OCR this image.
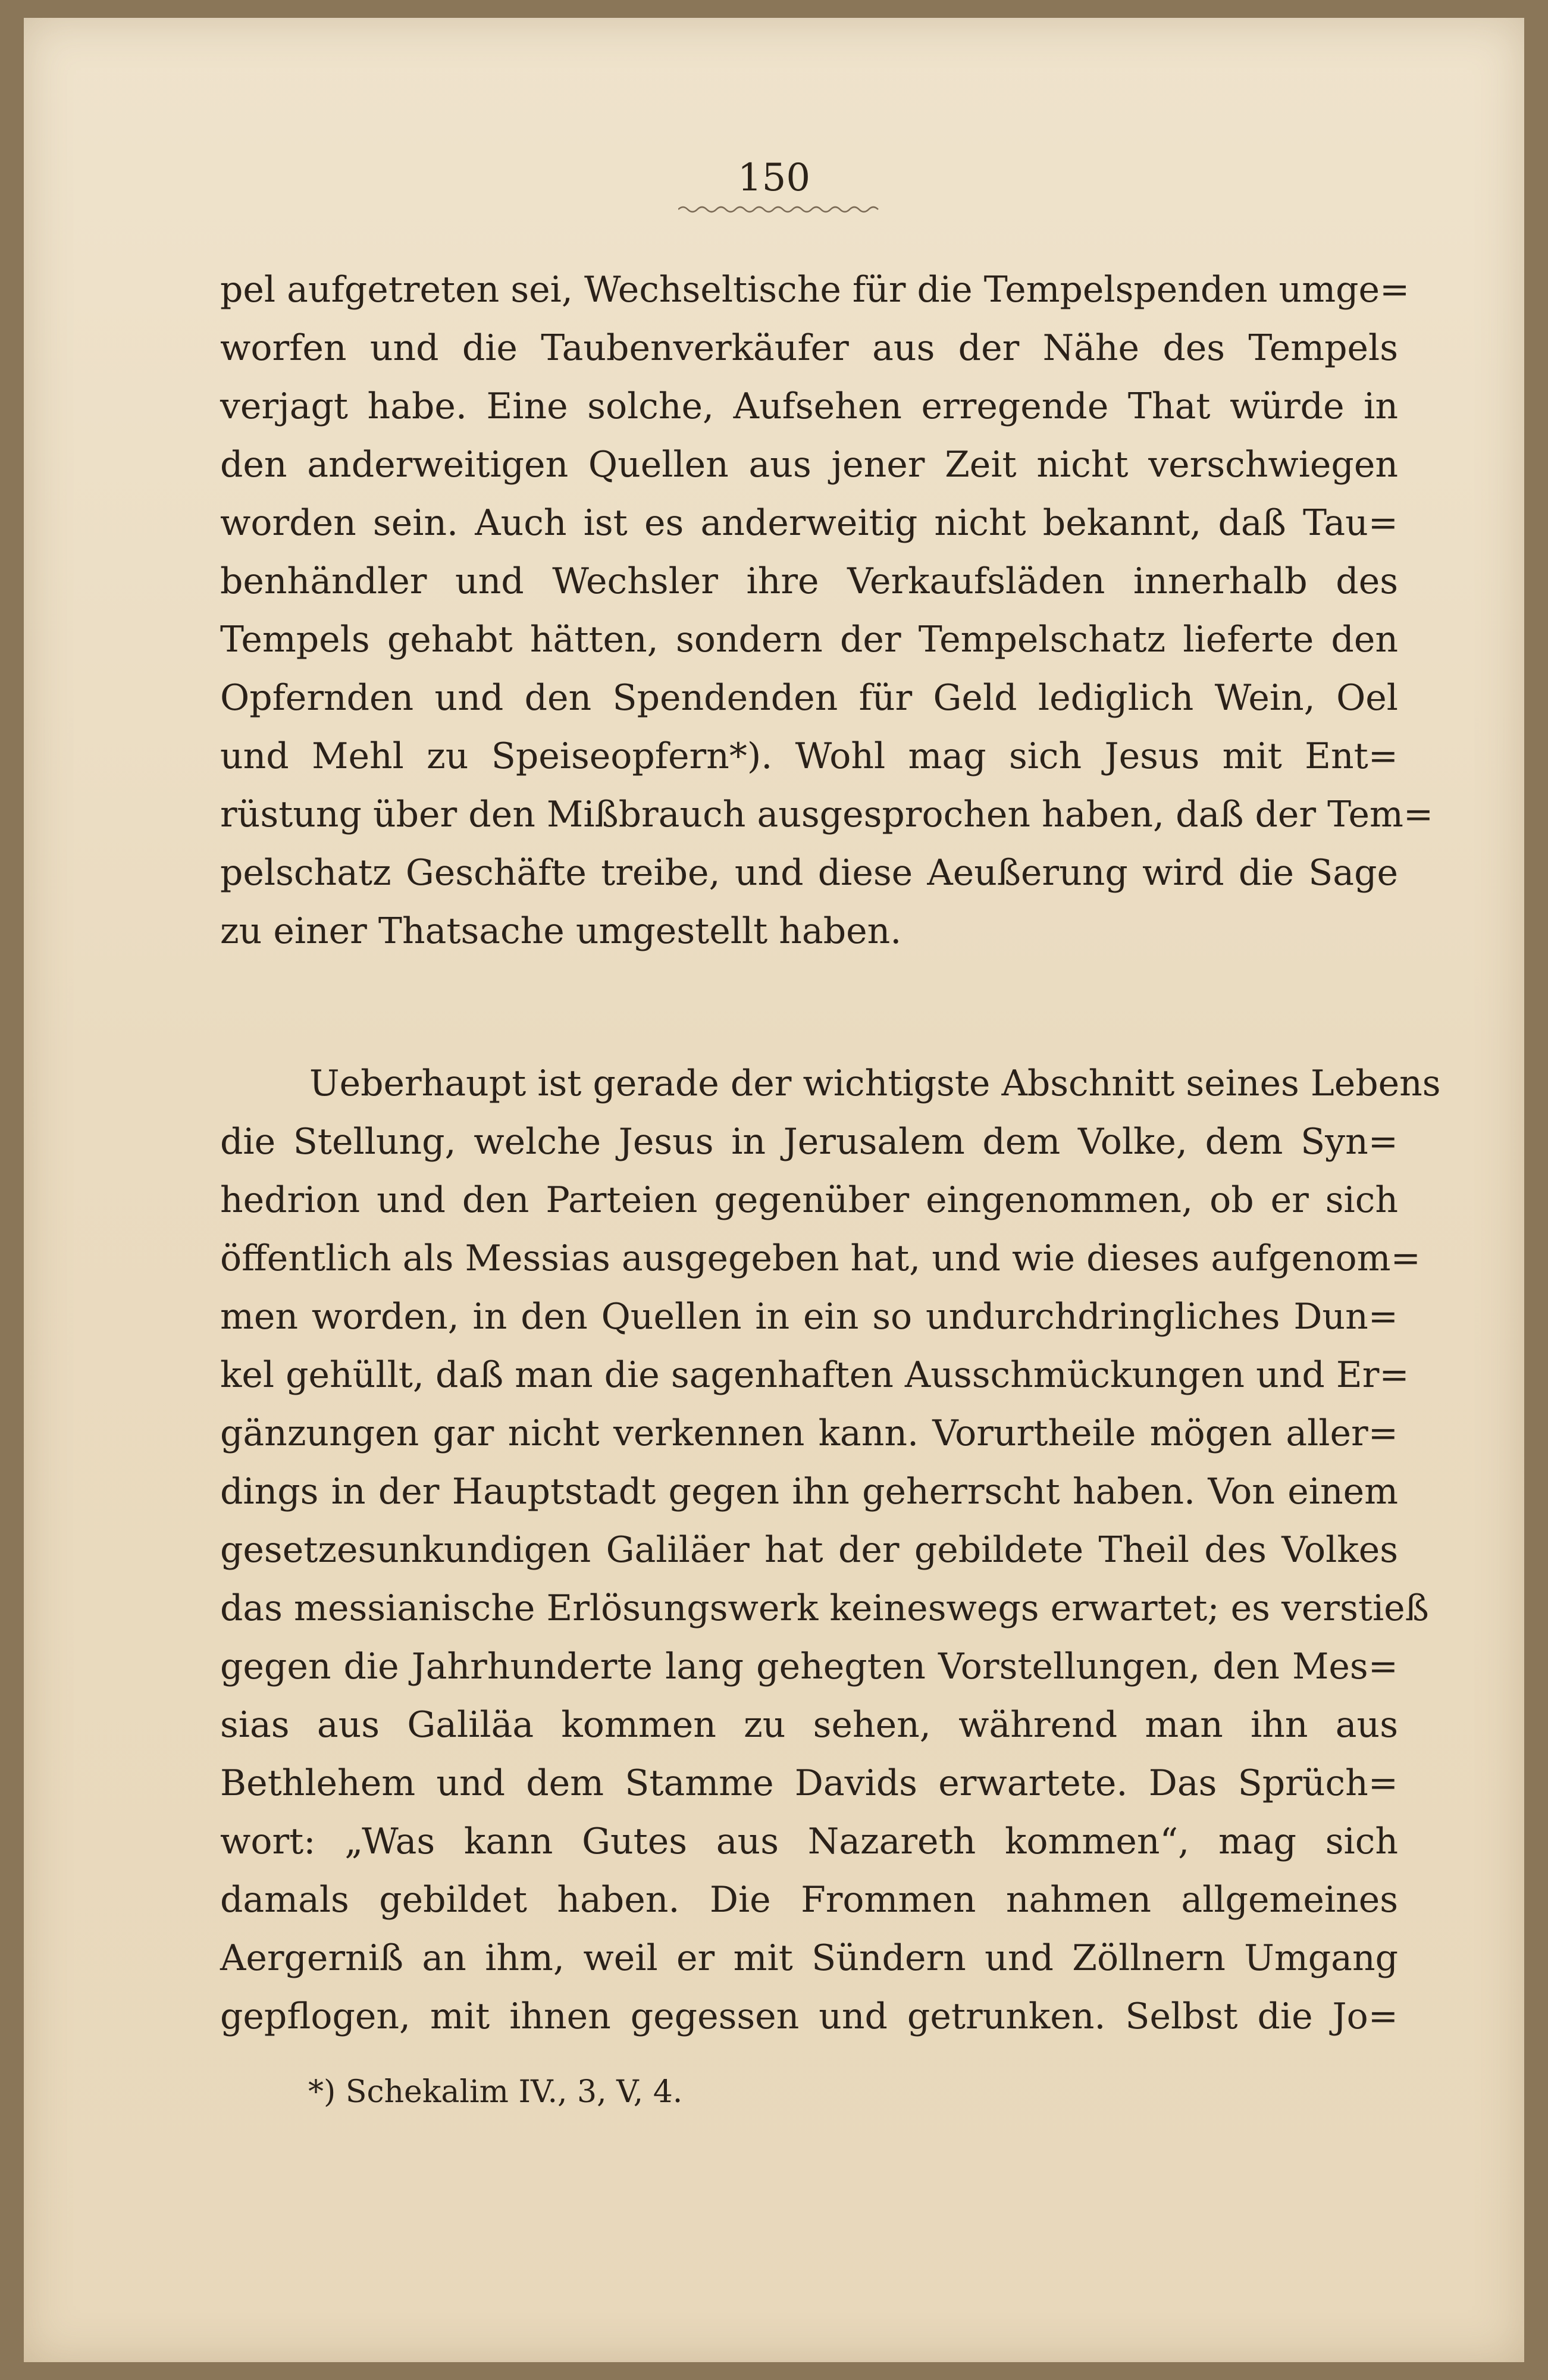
150
pel aufgetreten sei, Wechseltische für die Tempelspenden umge=
worfen und die Taubenverkäufer aus der Nähe des Tempels
verjagt habe. Eine solche, Aufsehen erregende That würde in
den anderweitigen Quellen aus jener Zeit nicht verschwiegen
worden sein. Auch ist es anderweitig nicht bekannt, daß Tau=
benhändler und Wechsler ihre Verkaufsläden innerhalb des
Tempels gehabt hätten, sondern der Tempelschatz lieferte den
Opfernden und den Spendenden für Geld lediglich Wein, Oel
und Mehl zu Speiseopfern*). Wohl mag sich Jesus mit Ent=
rüstung über den Mißbrauch ausgesprochen haben, daß der Tem=
pelschatz Geschäfte treibe, und diese Aeußerung wird die Sage
zu einer Thatsache umgestellt haben.
Ueberhaupt ist gerade der wichtigste Abschnitt seines Lebens
die Stellung, welche Jesus in Jerusalem dem Volke, dem Syn=
hedrion und den Parteien gegenüber eingenommen, ob er sich
öffentlich als Messias ausgegeben hat, und wie dieses aufgenom=
men worden, in den Quellen in ein so undurchdringliches Dun=
kel gehüllt, daß man die sagenhaften Ausschmückungen und Er=
gänzungen gar nicht verkennen kann. Vorurtheile mögen aller=
dings in der Hauptstadt gegen ihn geherrscht haben. Von einem
gesetzesunkundigen Galiläer hat der gebildete Theil des Volkes
das messianische Erlösungswerk keineswegs erwartet; es verstieß
gegen die Jahrhunderte lang gehegten Vorstellungen, den Mes=
sias aus Galiläa kommen zu sehen, während man ihn aus
Bethlehem und dem Stamme Davids erwartete. Das Sprüch=
wort: „Was kann Gutes aus Nazareth kommen“, mag sich
damals gebildet haben. Die Frommen nahmen allgemeines
Aergerniß an ihm, weil er mit Sündern und Zöllnern Umgang
gepflogen, mit ihnen gegessen und getrunken. Selbst die Jo=
*) Schekalim IV., 3, V, 4.
